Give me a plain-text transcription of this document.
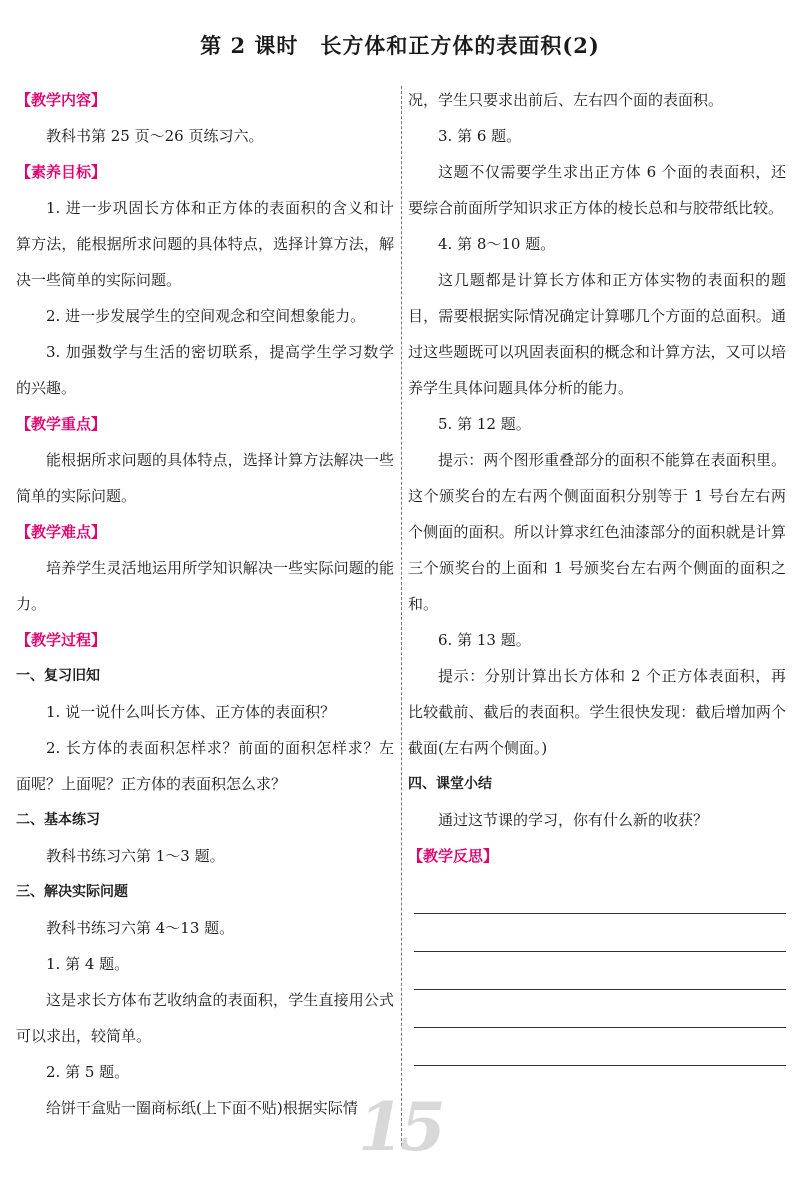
第 2 课时 长方体和正方体的表面积(2)
【教学内容】

教科书第 25 页～26 页练习六。

【素养目标】

1. 进一步巩固长方体和正方体的表面积的含义和计算方法，能根据所求问题的具体特点，选择计算方法，解决一些简单的实际问题。

2. 进一步发展学生的空间观念和空间想象能力。

3. 加强数学与生活的密切联系，提高学生学习数学的兴趣。

【教学重点】

能根据所求问题的具体特点，选择计算方法解决一些简单的实际问题。

【教学难点】

培养学生灵活地运用所学知识解决一些实际问题的能力。

【教学过程】
一、复习旧知

1. 说一说什么叫长方体、正方体的表面积？

2. 长方体的表面积怎样求？前面的面积怎样求？左面呢？上面呢？正方体的表面积怎么求？

二、基本练习

教科书练习六第 1～3 题。

三、解决实际问题

教科书练习六第 4～13 题。

1. 第 4 题。

这是求长方体布艺收纳盒的表面积，学生直接用公式可以求出，较简单。

2. 第 5 题。

给饼干盒贴一圈商标纸(上下面不贴)根据实际情

况，学生只要求出前后、左右四个面的表面积。

3. 第 6 题。

这题不仅需要学生求出正方体 6 个面的表面积，还要综合前面所学知识求正方体的棱长总和与胶带纸比较。

4. 第 8～10 题。

这几题都是计算长方体和正方体实物的表面积的题目，需要根据实际情况确定计算哪几个方面的总面积。通过这些题既可以巩固表面积的概念和计算方法，又可以培养学生具体问题具体分析的能力。

5. 第 12 题。

提示：两个图形重叠部分的面积不能算在表面积里。这个颁奖台的左右两个侧面面积分别等于 1 号台左右两个侧面的面积。所以计算求红色油漆部分的面积就是计算三个颁奖台的上面和 1 号颁奖台左右两个侧面的面积之和。

6. 第 13 题。

提示：分别计算出长方体和 2 个正方体表面积，再比较截前、截后的表面积。学生很快发现：截后增加两个截面(左右两个侧面。)

四、课堂小结

通过这节课的学习，你有什么新的收获？

【教学反思】
15
